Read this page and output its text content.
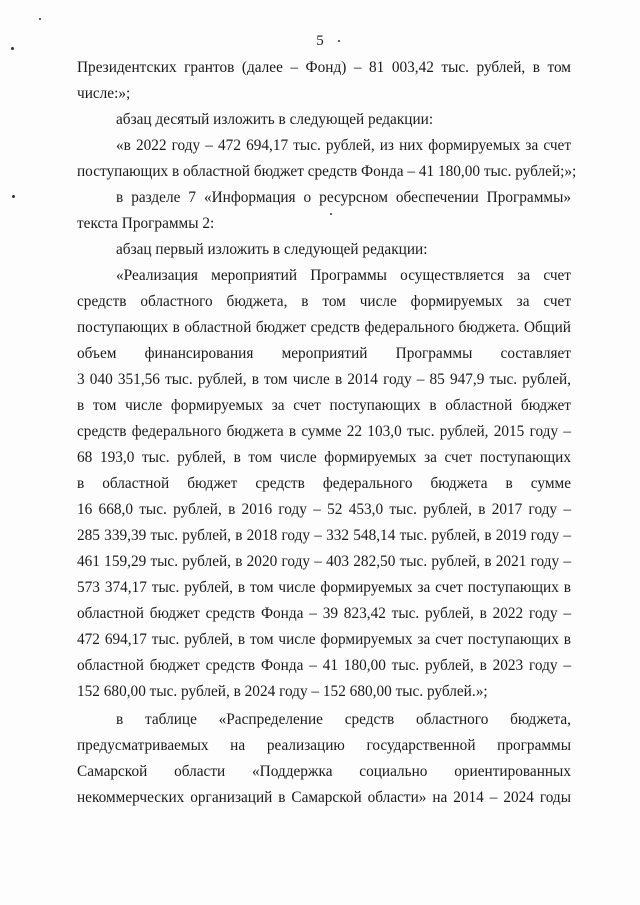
5
Президентских грантов (далее – Фонд) – 81 003,42 тыс. рублей, в том
числе:»;
абзац десятый изложить в следующей редакции:
«в 2022 году – 472 694,17 тыс. рублей, из них формируемых за счет
поступающих в областной бюджет средств Фонда – 41 180,00 тыс. рублей;»;
в разделе 7 «Информация о ресурсном обеспечении Программы»
текста Программы 2:
абзац первый изложить в следующей редакции:
«Реализация мероприятий Программы осуществляется за счет
средств областного бюджета, в том числе формируемых за счет
поступающих в областной бюджет средств федерального бюджета. Общий
объем финансирования мероприятий Программы составляет
3 040 351,56 тыс. рублей, в том числе в 2014 году – 85 947,9 тыс. рублей,
в том числе формируемых за счет поступающих в областной бюджет
средств федерального бюджета в сумме 22 103,0 тыс. рублей, 2015 году –
68 193,0 тыс. рублей, в том числе формируемых за счет поступающих
в областной бюджет средств федерального бюджета в сумме
16 668,0 тыс. рублей, в 2016 году – 52 453,0 тыс. рублей, в 2017 году –
285 339,39 тыс. рублей, в 2018 году – 332 548,14 тыс. рублей, в 2019 году –
461 159,29 тыс. рублей, в 2020 году – 403 282,50 тыс. рублей, в 2021 году –
573 374,17 тыс. рублей, в том числе формируемых за счет поступающих в
областной бюджет средств Фонда – 39 823,42 тыс. рублей, в 2022 году –
472 694,17 тыс. рублей, в том числе формируемых за счет поступающих в
областной бюджет средств Фонда – 41 180,00 тыс. рублей, в 2023 году –
152 680,00 тыс. рублей, в 2024 году – 152 680,00 тыс. рублей.»;
в таблице «Распределение средств областного бюджета,
предусматриваемых на реализацию государственной программы
Самарской области «Поддержка социально ориентированных
некоммерческих организаций в Самарской области» на 2014 – 2024 годы
